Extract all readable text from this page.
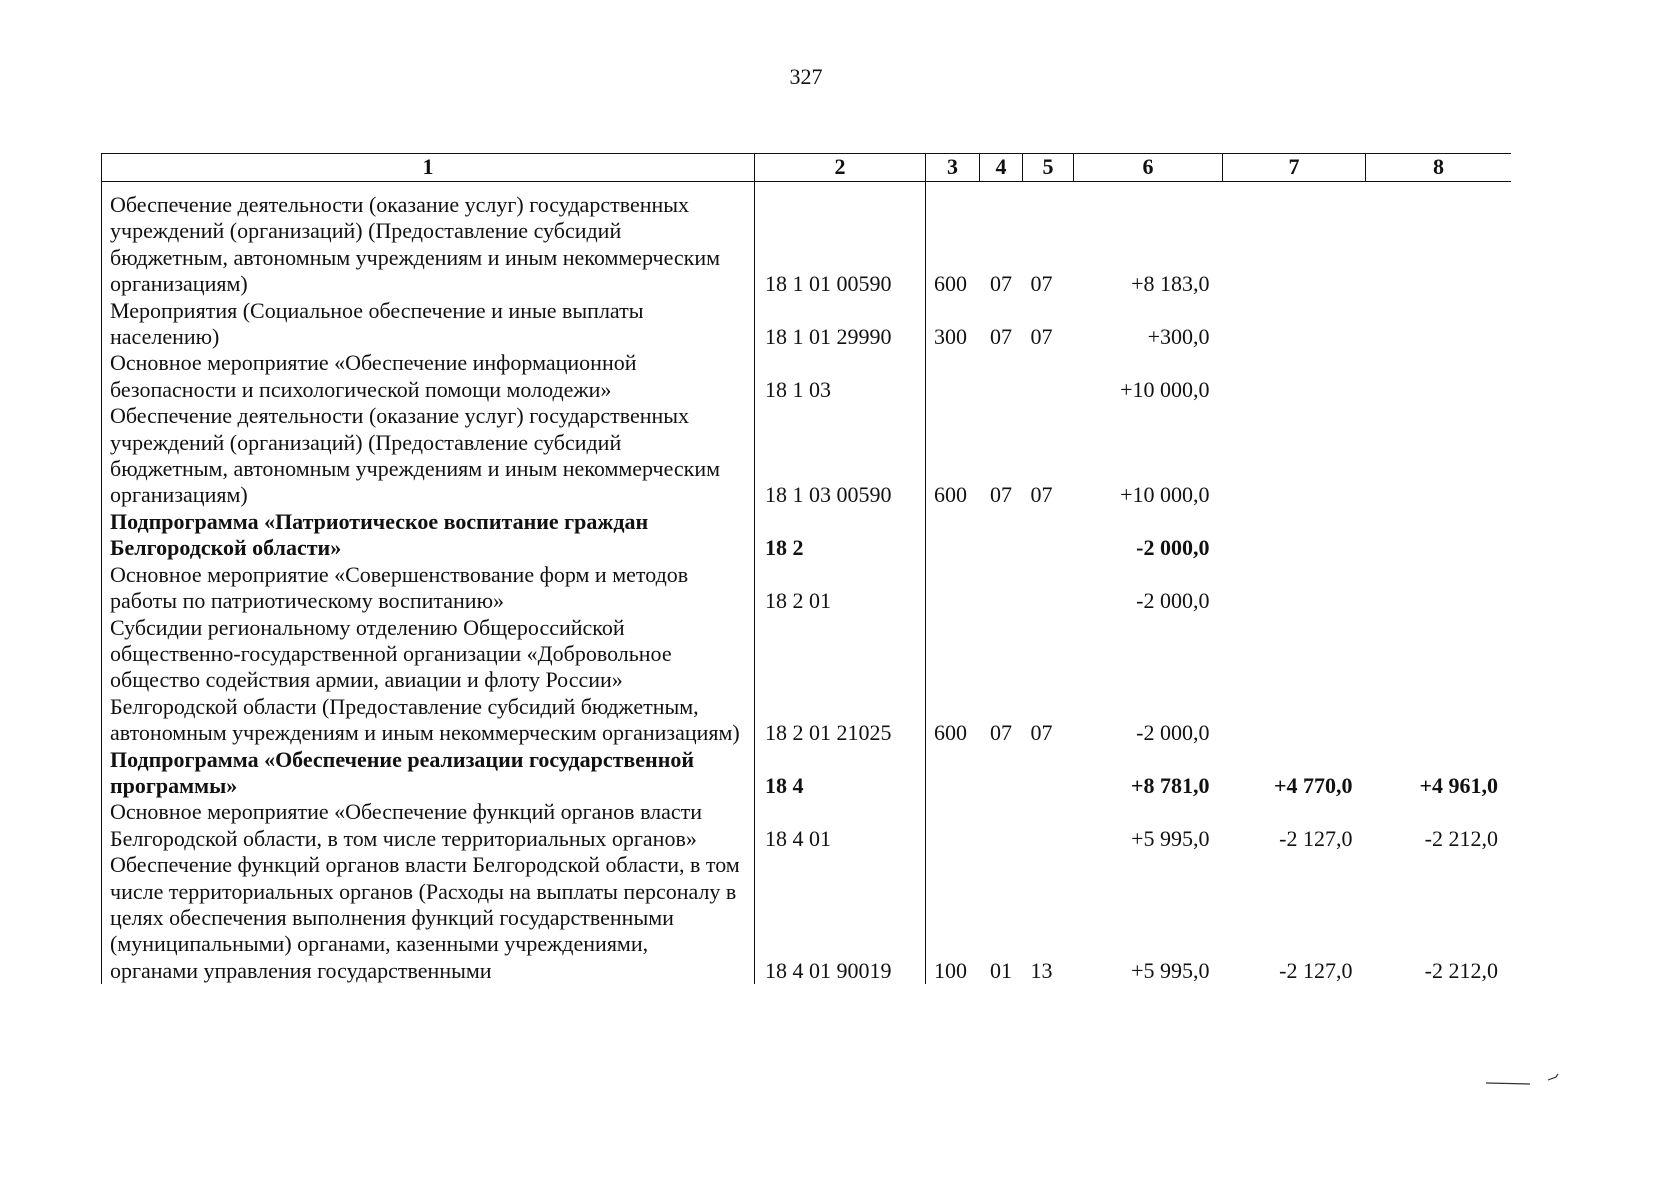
327
1	2	3	4	5	6	7	8
Обеспечение деятельности (оказание услуг) государственных учреждений (организаций) (Предоставление субсидий бюджетным, автономным учреждениям и иным некоммерческим организациям)	18 1 01 00590	600	07	07	+8 183,0		
Мероприятия (Социальное обеспечение и иные выплаты населению)	18 1 01 29990	300	07	07	+300,0		
Основное мероприятие «Обеспечение информационной безопасности и психологической помощи молодежи»	18 1 03				+10 000,0		
Обеспечение деятельности (оказание услуг) государственных учреждений (организаций) (Предоставление субсидий бюджетным, автономным учреждениям и иным некоммерческим организациям)	18 1 03 00590	600	07	07	+10 000,0		
Подпрограмма «Патриотическое воспитание граждан Белгородской области»	18 2				-2 000,0		
Основное мероприятие «Совершенствование форм и методов работы по патриотическому воспитанию»	18 2 01				-2 000,0		
Субсидии региональному отделению Общероссийской общественно-государственной организации «Добровольное общество содействия армии, авиации и флоту России» Белгородской области (Предоставление субсидий бюджетным, автономным учреждениям и иным некоммерческим организациям)	18 2 01 21025	600	07	07	-2 000,0		
Подпрограмма «Обеспечение реализации государственной программы»	18 4				+8 781,0	+4 770,0	+4 961,0
Основное мероприятие «Обеспечение функций органов власти Белгородской области, в том числе территориальных органов»	18 4 01				+5 995,0	-2 127,0	-2 212,0
Обеспечение функций органов власти Белгородской области, в том числе территориальных органов (Расходы на выплаты персоналу в целях обеспечения выполнения функций государственными (муниципальными) органами, казенными учреждениями, органами управления государственными	18 4 01 90019	100	01	13	+5 995,0	-2 127,0	-2 212,0
